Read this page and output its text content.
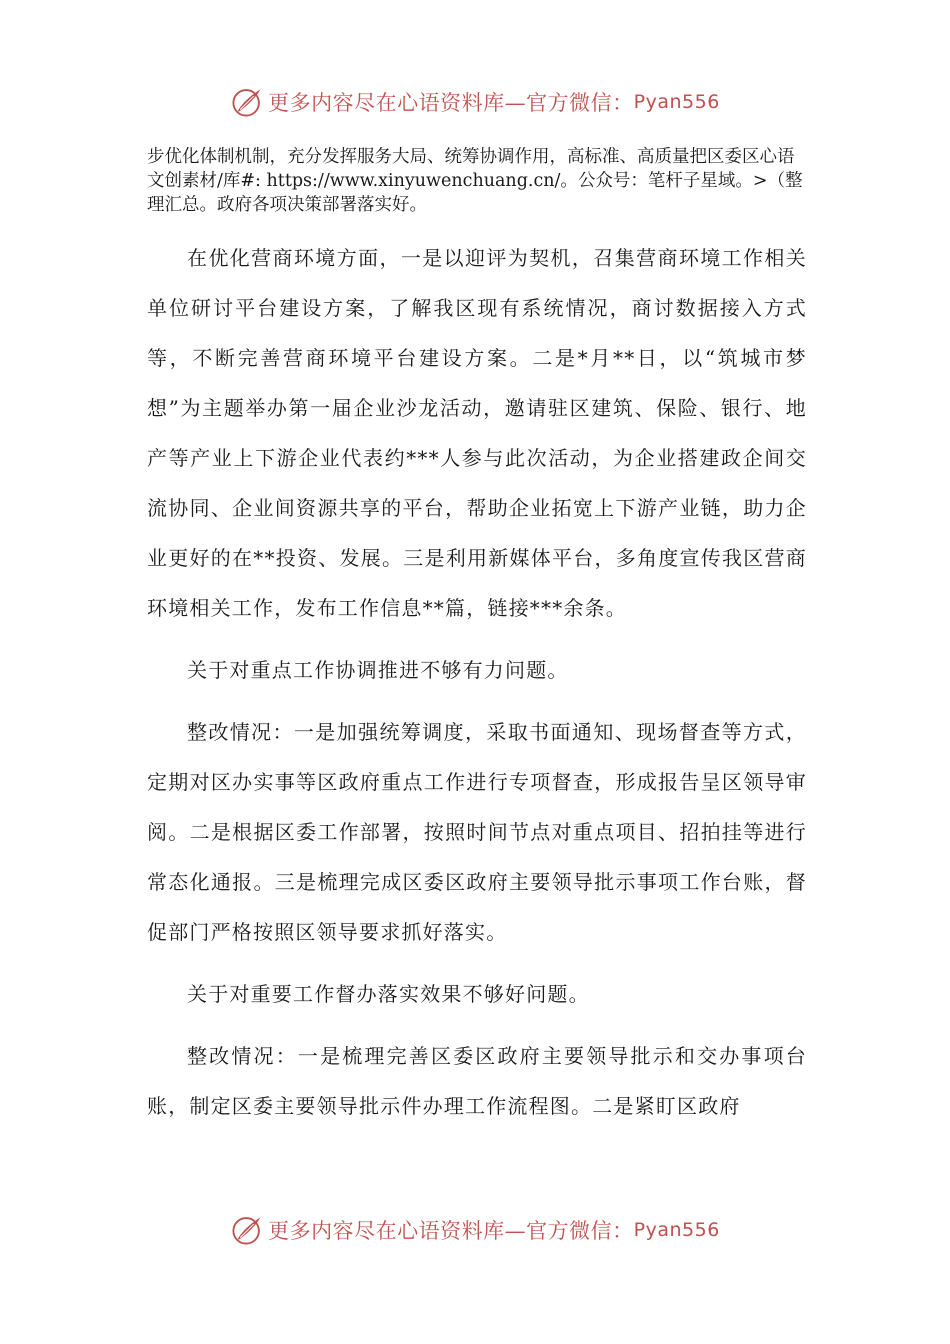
更多内容尽在心语资料库—官方微信： Pyan556

步优化体制机制，充分发挥服务大局、统筹协调作用，高标准、高质量把区委区心语文创素材/库#: https://www.xinyuwenchuang.cn/。公众号：笔杆子星域。>（整理汇总。政府各项决策部署落实好。

在优化营商环境方面，一是以迎评为契机，召集营商环境工作相关单位研讨平台建设方案，了解我区现有系统情况，商讨数据接入方式等，不断完善营商环境平台建设方案。二是*月**日，以“筑城市梦想”为主题举办第一届企业沙龙活动，邀请驻区建筑、保险、银行、地产等产业上下游企业代表约***人参与此次活动，为企业搭建政企间交流协同、企业间资源共享的平台，帮助企业拓宽上下游产业链，助力企业更好的在**投资、发展。三是利用新媒体平台，多角度宣传我区营商环境相关工作，发布工作信息**篇，链接***余条。

关于对重点工作协调推进不够有力问题。

整改情况：一是加强统筹调度，采取书面通知、现场督查等方式，定期对区办实事等区政府重点工作进行专项督查，形成报告呈区领导审阅。二是根据区委工作部署，按照时间节点对重点项目、招拍挂等进行常态化通报。三是梳理完成区委区政府主要领导批示事项工作台账，督促部门严格按照区领导要求抓好落实。

关于对重要工作督办落实效果不够好问题。

整改情况：一是梳理完善区委区政府主要领导批示和交办事项台账，制定区委主要领导批示件办理工作流程图。二是紧盯区政府

更多内容尽在心语资料库—官方微信： Pyan556
